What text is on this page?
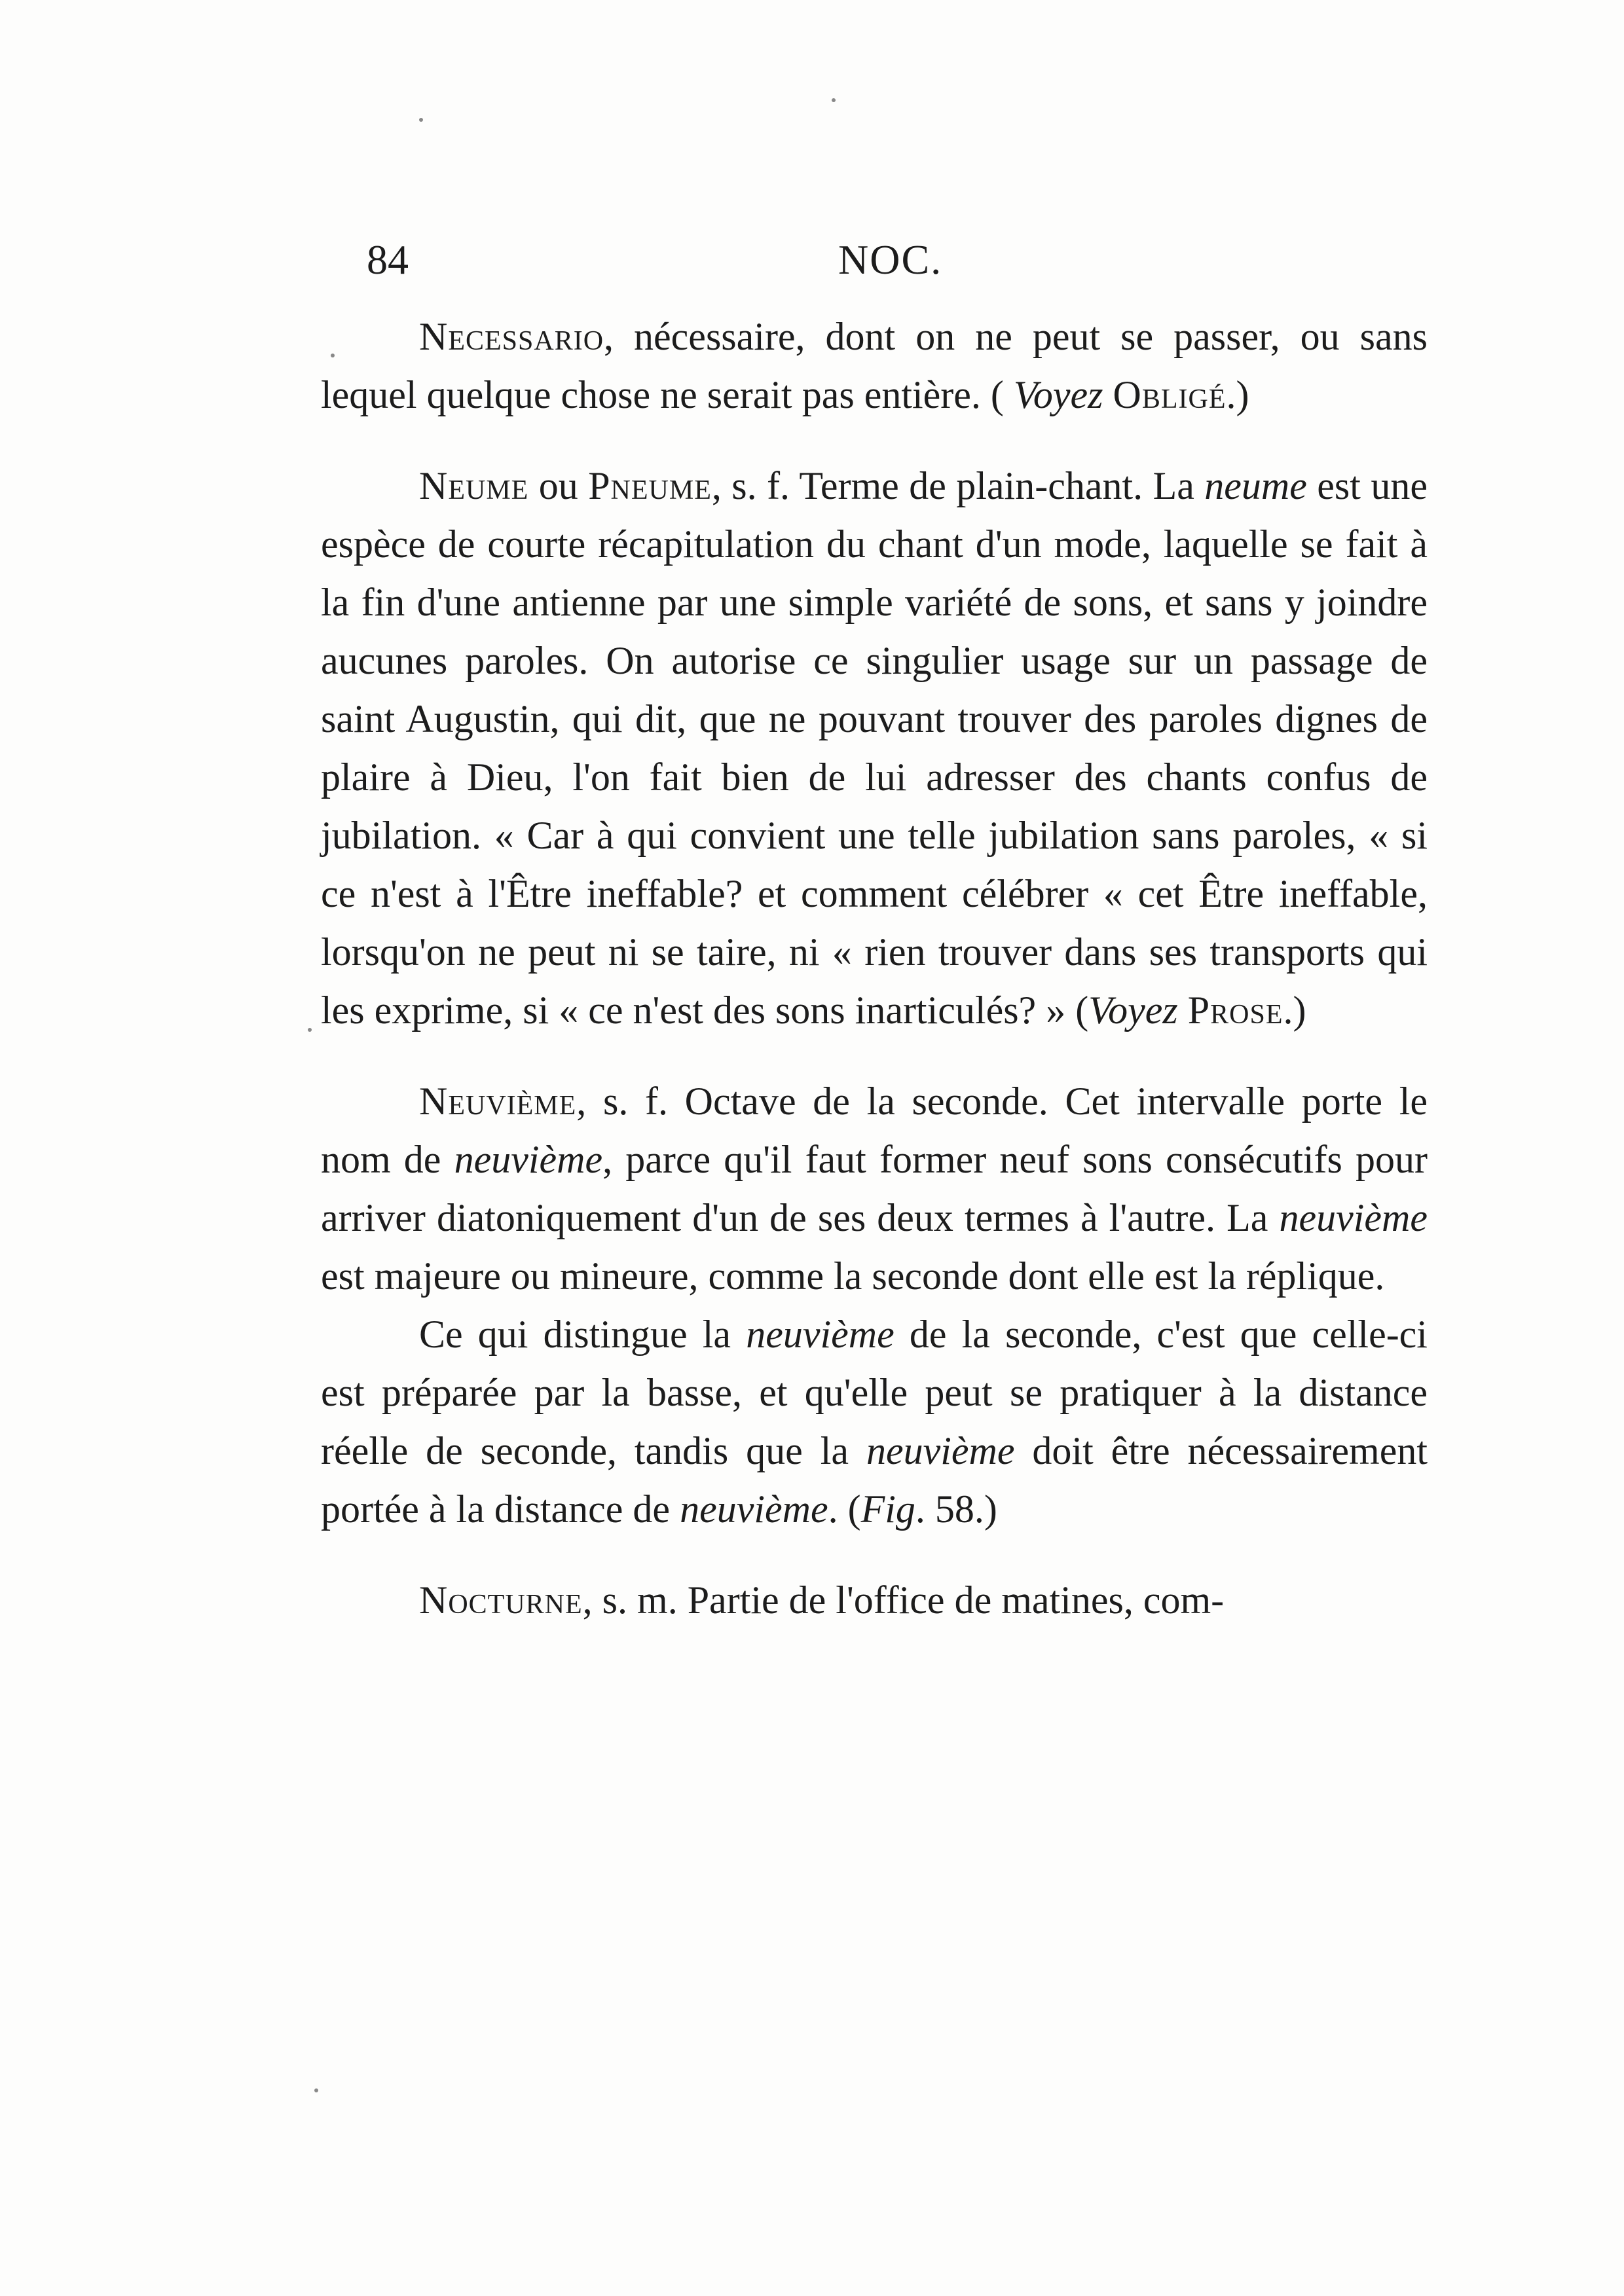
84	NOC.

Necessario, nécessaire, dont on ne peut se passer, ou sans lequel quelque chose ne serait pas entière. ( Voyez Obligé.)

Neume ou Pneume, s. f. Terme de plain-chant. La neume est une espèce de courte récapitulation du chant d'un mode, laquelle se fait à la fin d'une antienne par une simple variété de sons, et sans y joindre aucunes paroles. On autorise ce singulier usage sur un passage de saint Augustin, qui dit, que ne pouvant trouver des paroles dignes de plaire à Dieu, l'on fait bien de lui adresser des chants confus de jubilation. « Car à qui convient une telle jubilation sans paroles, « si ce n'est à l'Être ineffable? et comment célébrer « cet Être ineffable, lorsqu'on ne peut ni se taire, ni « rien trouver dans ses transports qui les exprime, si « ce n'est des sons inarticulés? » (Voyez Prose.)

Neuvième, s. f. Octave de la seconde. Cet intervalle porte le nom de neuvième, parce qu'il faut former neuf sons consécutifs pour arriver diatoniquement d'un de ses deux termes à l'autre. La neuvième est majeure ou mineure, comme la seconde dont elle est la réplique.

Ce qui distingue la neuvième de la seconde, c'est que celle-ci est préparée par la basse, et qu'elle peut se pratiquer à la distance réelle de seconde, tandis que la neuvième doit être nécessairement portée à la distance de neuvième. (Fig. 58.)

Nocturne, s. m. Partie de l'office de matines, com-
